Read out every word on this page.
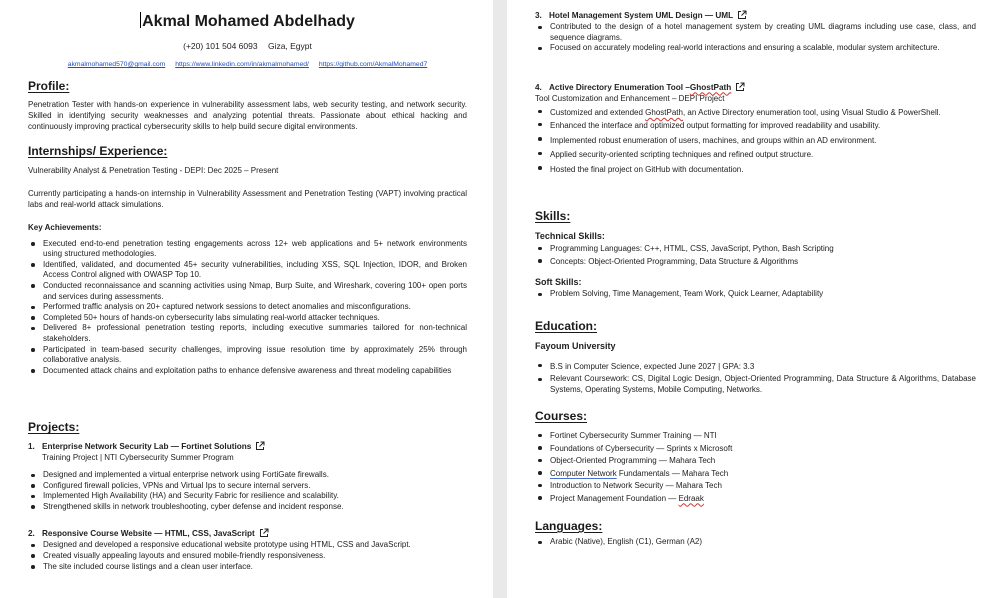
Akmal Mohamed Abdelhady
(+20) 101 504 6093 Giza, Egypt
akmalmohamed570@gmail.com https://www.linkedin.com/in/akmalmohamed/ https://github.com/AkmalMohamed7
Profile:

Penetration Tester with hands-on experience in vulnerability assessment labs, web security testing, and network security. Skilled in identifying security weaknesses and analyzing potential threats. Passionate about ethical hacking and continuously improving practical cybersecurity skills to help build secure digital environments.

Internships/ Experience:

Vulnerability Analyst & Penetration Testing - DEPI: Dec 2025 – Present

Currently participating a hands-on internship in Vulnerability Assessment and Penetration Testing (VAPT) involving practical labs and real-world attack simulations.

Key Achievements:

Executed end-to-end penetration testing engagements across 12+ web applications and 5+ network environments using structured methodologies.
Identified, validated, and documented 45+ security vulnerabilities, including XSS, SQL Injection, IDOR, and Broken Access Control aligned with OWASP Top 10.
Conducted reconnaissance and scanning activities using Nmap, Burp Suite, and Wireshark, covering 100+ open ports and services during assessments.
Performed traffic analysis on 20+ captured network sessions to detect anomalies and misconfigurations.
Completed 50+ hours of hands-on cybersecurity labs simulating real-world attacker techniques.
Delivered 8+ professional penetration testing reports, including executive summaries tailored for non-technical stakeholders.
Participated in team-based security challenges, improving issue resolution time by approximately 25% through collaborative analysis.
Documented attack chains and exploitation paths to enhance defensive awareness and threat modeling capabilities
Projects:

1. Enterprise Network Security Lab — Fortinet Solutions

Training Project | NTI Cybersecurity Summer Program

Designed and implemented a virtual enterprise network using FortiGate firewalls.
Configured firewall policies, VPNs and Virtual Ips to secure internal servers.
Implemented High Availability (HA) and Security Fabric for resilience and scalability.
Strengthened skills in network troubleshooting, cyber defense and incident response.

2. Responsive Course Website — HTML, CSS, JavaScript

Designed and developed a responsive educational website prototype using HTML, CSS and JavaScript.
Created visually appealing layouts and ensured mobile-friendly responsiveness.
The site included course listings and a clean user interface.

3. Hotel Management System UML Design — UML

Contributed to the design of a hotel management system by creating UML diagrams including use case, class, and sequence diagrams.
Focused on accurately modeling real-world interactions and ensuring a scalable, modular system architecture.

4. Active Directory Enumeration Tool – GhostPath

Tool Customization and Enhancement – DEPI Project

Customized and extended GhostPath, an Active Directory enumeration tool, using Visual Studio & PowerShell.
Enhanced the interface and optimized output formatting for improved readability and usability.
Implemented robust enumeration of users, machines, and groups within an AD environment.
Applied security-oriented scripting techniques and refined output structure.
Hosted the final project on GitHub with documentation.
Skills:

Technical Skills:

Programming Languages: C++, HTML, CSS, JavaScript, Python, Bash Scripting
Concepts: Object-Oriented Programming, Data Structure & Algorithms

Soft Skills:

Problem Solving, Time Management, Team Work, Quick Learner, Adaptability
Education:

Fayoum University

B.S in Computer Science, expected June 2027 | GPA: 3.3
Relevant Coursework: CS, Digital Logic Design, Object-Oriented Programming, Data Structure & Algorithms, Database Systems, Operating Systems, Mobile Computing, Networks.
Courses:
Fortinet Cybersecurity Summer Training — NTI
Foundations of Cybersecurity — Sprints x Microsoft
Object-Oriented Programming — Mahara Tech
Computer Network Fundamentals — Mahara Tech
Introduction to Network Security — Mahara Tech
Project Management Foundation — Edraak
Languages:
Arabic (Native), English (C1), German (A2)
